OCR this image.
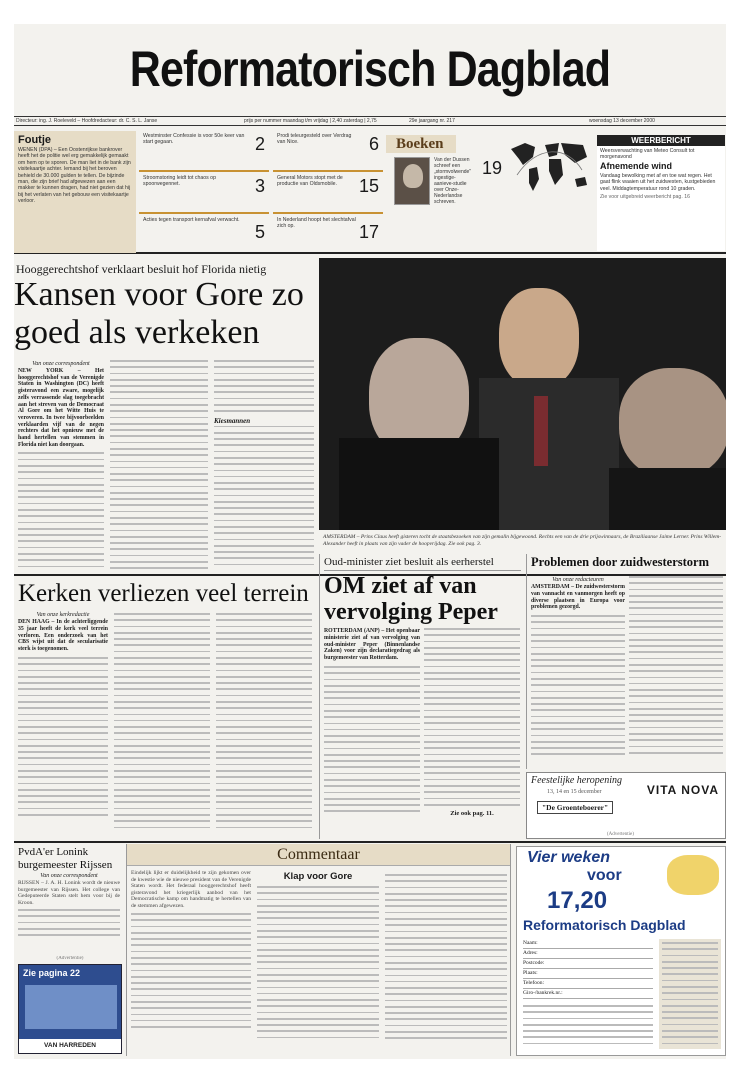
Reformatorisch Dagblad
Directeur: ing. J. Roeleveld – Hoofdredacteur: dr. C. S. L. Janse	prijs per nummer maandag t/m vrijdag | 2,40 zaterdag | 2,75	29e jaargang nr. 217	woensdag 13 december 2000
Foutje
WENEN (DPA) – Een Oostenrijkse bankrover heeft het de politie wel erg gemakkelijk gemaakt om hem op te sporen. De man liet in de bank zijn visitekaartje achter. Iemand bij het beroven behield de 30.000 gulden te tellen. De bijzinde man, die zijn brief had afgewezen aan een makker te kunnen dragen, had niet gezien dat hij bij het verlaten van het gebouw een visitekaartje verloor.
Westminster Confessie is voor 50e keer van start gegaan.	2
Stroomstoring leidt tot chaos op spoorwegennet.	3
Acties tegen transport kernafval verwacht.
5
Prodi teleurgesteld over Verdrag van Nice.	6
General Motors stopt met de productie van Oldsmobile.	15
In Nederland hoopt het slechtafval zich op.	17
Boeken
Van der Dussen schreef een „stormvolwende" ingestige-aanieve-studie over Onze-Nederlandse schreven.
19
WEERBERICHT
Weersverwachting van Meteo Consult tot morgenavond
Afnemende wind
Vandaag bewolking met af en toe wat regen. Het gaat flink waaien uit het zuidwesten, kustgebieden veel. Middagtemperatuur rond 10 graden.
Zie voor uitgebreid weerbericht pag. 16
Hooggerechtshof verklaart besluit hof Florida nietig
Kansen voor Gore zo goed als verkeken
Van onze correspondent
NEW YORK – Het hooggerechtshof van de Verenigde Staten in Washington (DC) heeft gisteravond een zware, mogelijk zelfs verrassende slag toegebracht aan het streven van de Democraat Al Gore om het Witte Huis te veroveren. In twee bijvoorbeelden verklaarden vijf van de negen rechters dat het opnieuw met de hand hertellen van stemmen in Florida niet kan doorgaan.
Kiesmannen
AMSTERDAM – Prins Claus heeft gisteren tocht de staatsbezoeken van zijn gemalin bijgewoond. Rechts een van de drie prijswinnaars, de Braziliaanse Jaime Lerner. Prins Willem-Alexander heeft in plaats van zijn vader de hoopvrijdag. Zie ook pag. 3.
Kerken verliezen veel terrein
Van onze kerkredactie
DEN HAAG – In de achterliggende 35 jaar heeft de kerk veel terrein verloren. Een onderzoek van het CBS wijst uit dat de secularisatie sterk is toegenomen.
Oud-minister ziet besluit als eerherstel
OM ziet af van vervolging Peper
ROTTERDAM (ANP) – Het openbaar ministerie ziet af van vervolging van oud-minister Peper (Binnenlandse Zaken) voor zijn declaratiegedrag als burgemeester van Rotterdam.
Zie ook pag. 11.
Problemen door zuidwesterstorm
Van onze redacteuren
AMSTERDAM – De zuidwesterstorm van vannacht en vanmorgen heeft op diverse plaatsen in Europa voor problemen gezorgd.
Feestelijke heropening
13, 14 en 15 december
"De Groenteboerer"
VITA NOVA
(Advertentie)
PvdA'er Lonink burgemeester Rijssen
Van onze correspondent
RIJSSEN – J. A. H. Lonink wordt de nieuwe burgemeester van Rijssen. Het college van Gedeputeerde Staten stelt hem voor bij de Kroon.
(Advertentie)
Zie pagina 22
VAN HARREDEN
Commentaar
Eindelijk lijkt er duidelijkheid te zijn gekomen over de kwestie wie de nieuwe president van de Verenigde Staten wordt. Het federaal hooggerechtshof heeft gisteravond het kriegerlijk aanbod van het Democratische kamp om handmatig te hertellen van de stemmen afgewezen.
Klap voor Gore
Vier weken
voor
17,20
Reformatorisch Dagblad
Naam:
Adres:
Postcode:
Plaats:
Telefoon:
Giro-/bankrek.nr.:
